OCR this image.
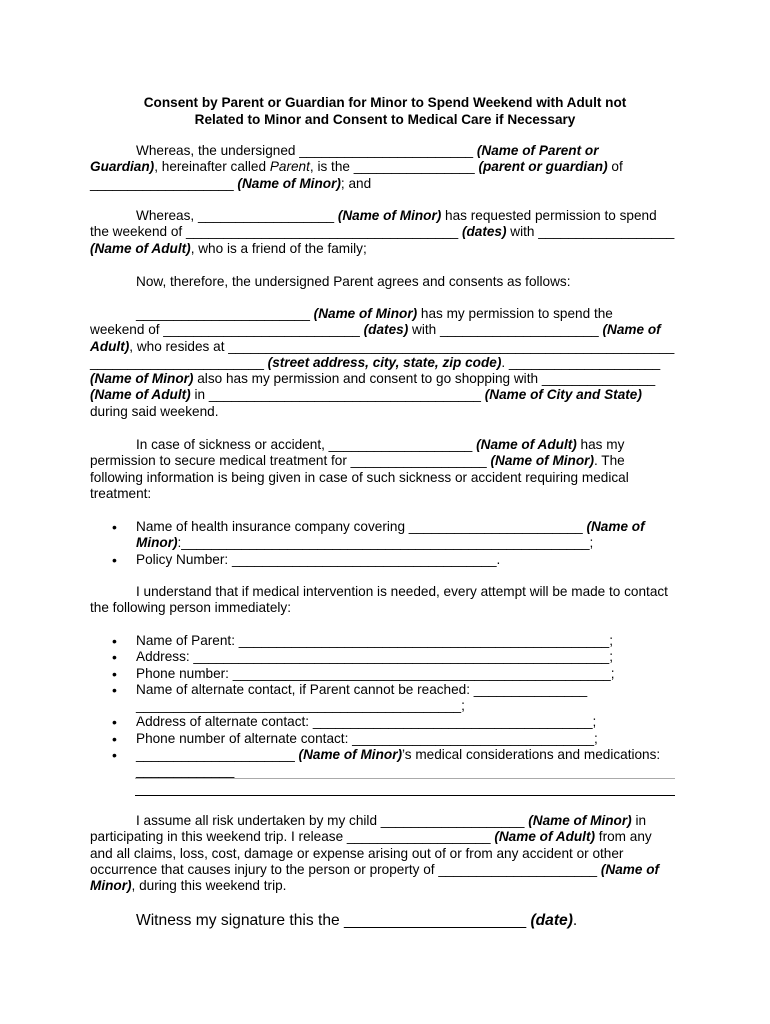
Consent by Parent or Guardian for Minor to Spend Weekend with Adult not
Related to Minor and Consent to Medical Care if Necessary
Whereas, the undersigned _______________________ (Name of Parent or
Guardian), hereinafter called Parent, is the ________________ (parent or guardian) of
___________________ (Name of Minor); and
Whereas, __________________ (Name of Minor) has requested permission to spend
the weekend of ____________________________________ (dates) with __________________
(Name of Adult), who is a friend of the family;
Now, therefore, the undersigned Parent agrees and consents as follows:
_______________________ (Name of Minor) has my permission to spend the
weekend of __________________________ (dates) with _____________________ (Name of
Adult), who resides at ___________________________________________________________
_______________________ (street address, city, state, zip code). ____________________
(Name of Minor) also has my permission and consent to go shopping with _______________
(Name of Adult) in ____________________________________ (Name of City and State)
during said weekend.
In case of sickness or accident, ___________________ (Name of Adult) has my
permission to secure medical treatment for __________________ (Name of Minor). The
following information is being given in case of such sickness or accident requiring medical
treatment:
• Name of health insurance company covering _______________________ (Name of
Minor):______________________________________________________;
• Policy Number: ___________________________________.
I understand that if medical intervention is needed, every attempt will be made to contact
the following person immediately:
• Name of Parent: _________________________________________________;
• Address: _______________________________________________________;
• Phone number: __________________________________________________;
• Name of alternate contact, if Parent cannot be reached: _______________
___________________________________________;
• Address of alternate contact: _____________________________________;
• Phone number of alternate contact: ________________________________;
• _____________________ (Name of Minor)’s medical considerations and medications:
_____________
I assume all risk undertaken by my child ___________________ (Name of Minor) in
participating in this weekend trip. I release ___________________ (Name of Adult) from any
and all claims, loss, cost, damage or expense arising out of or from any accident or other
occurrence that causes injury to the person or property of _____________________ (Name of
Minor), during this weekend trip.
Witness my signature this the _____________________ (date).
